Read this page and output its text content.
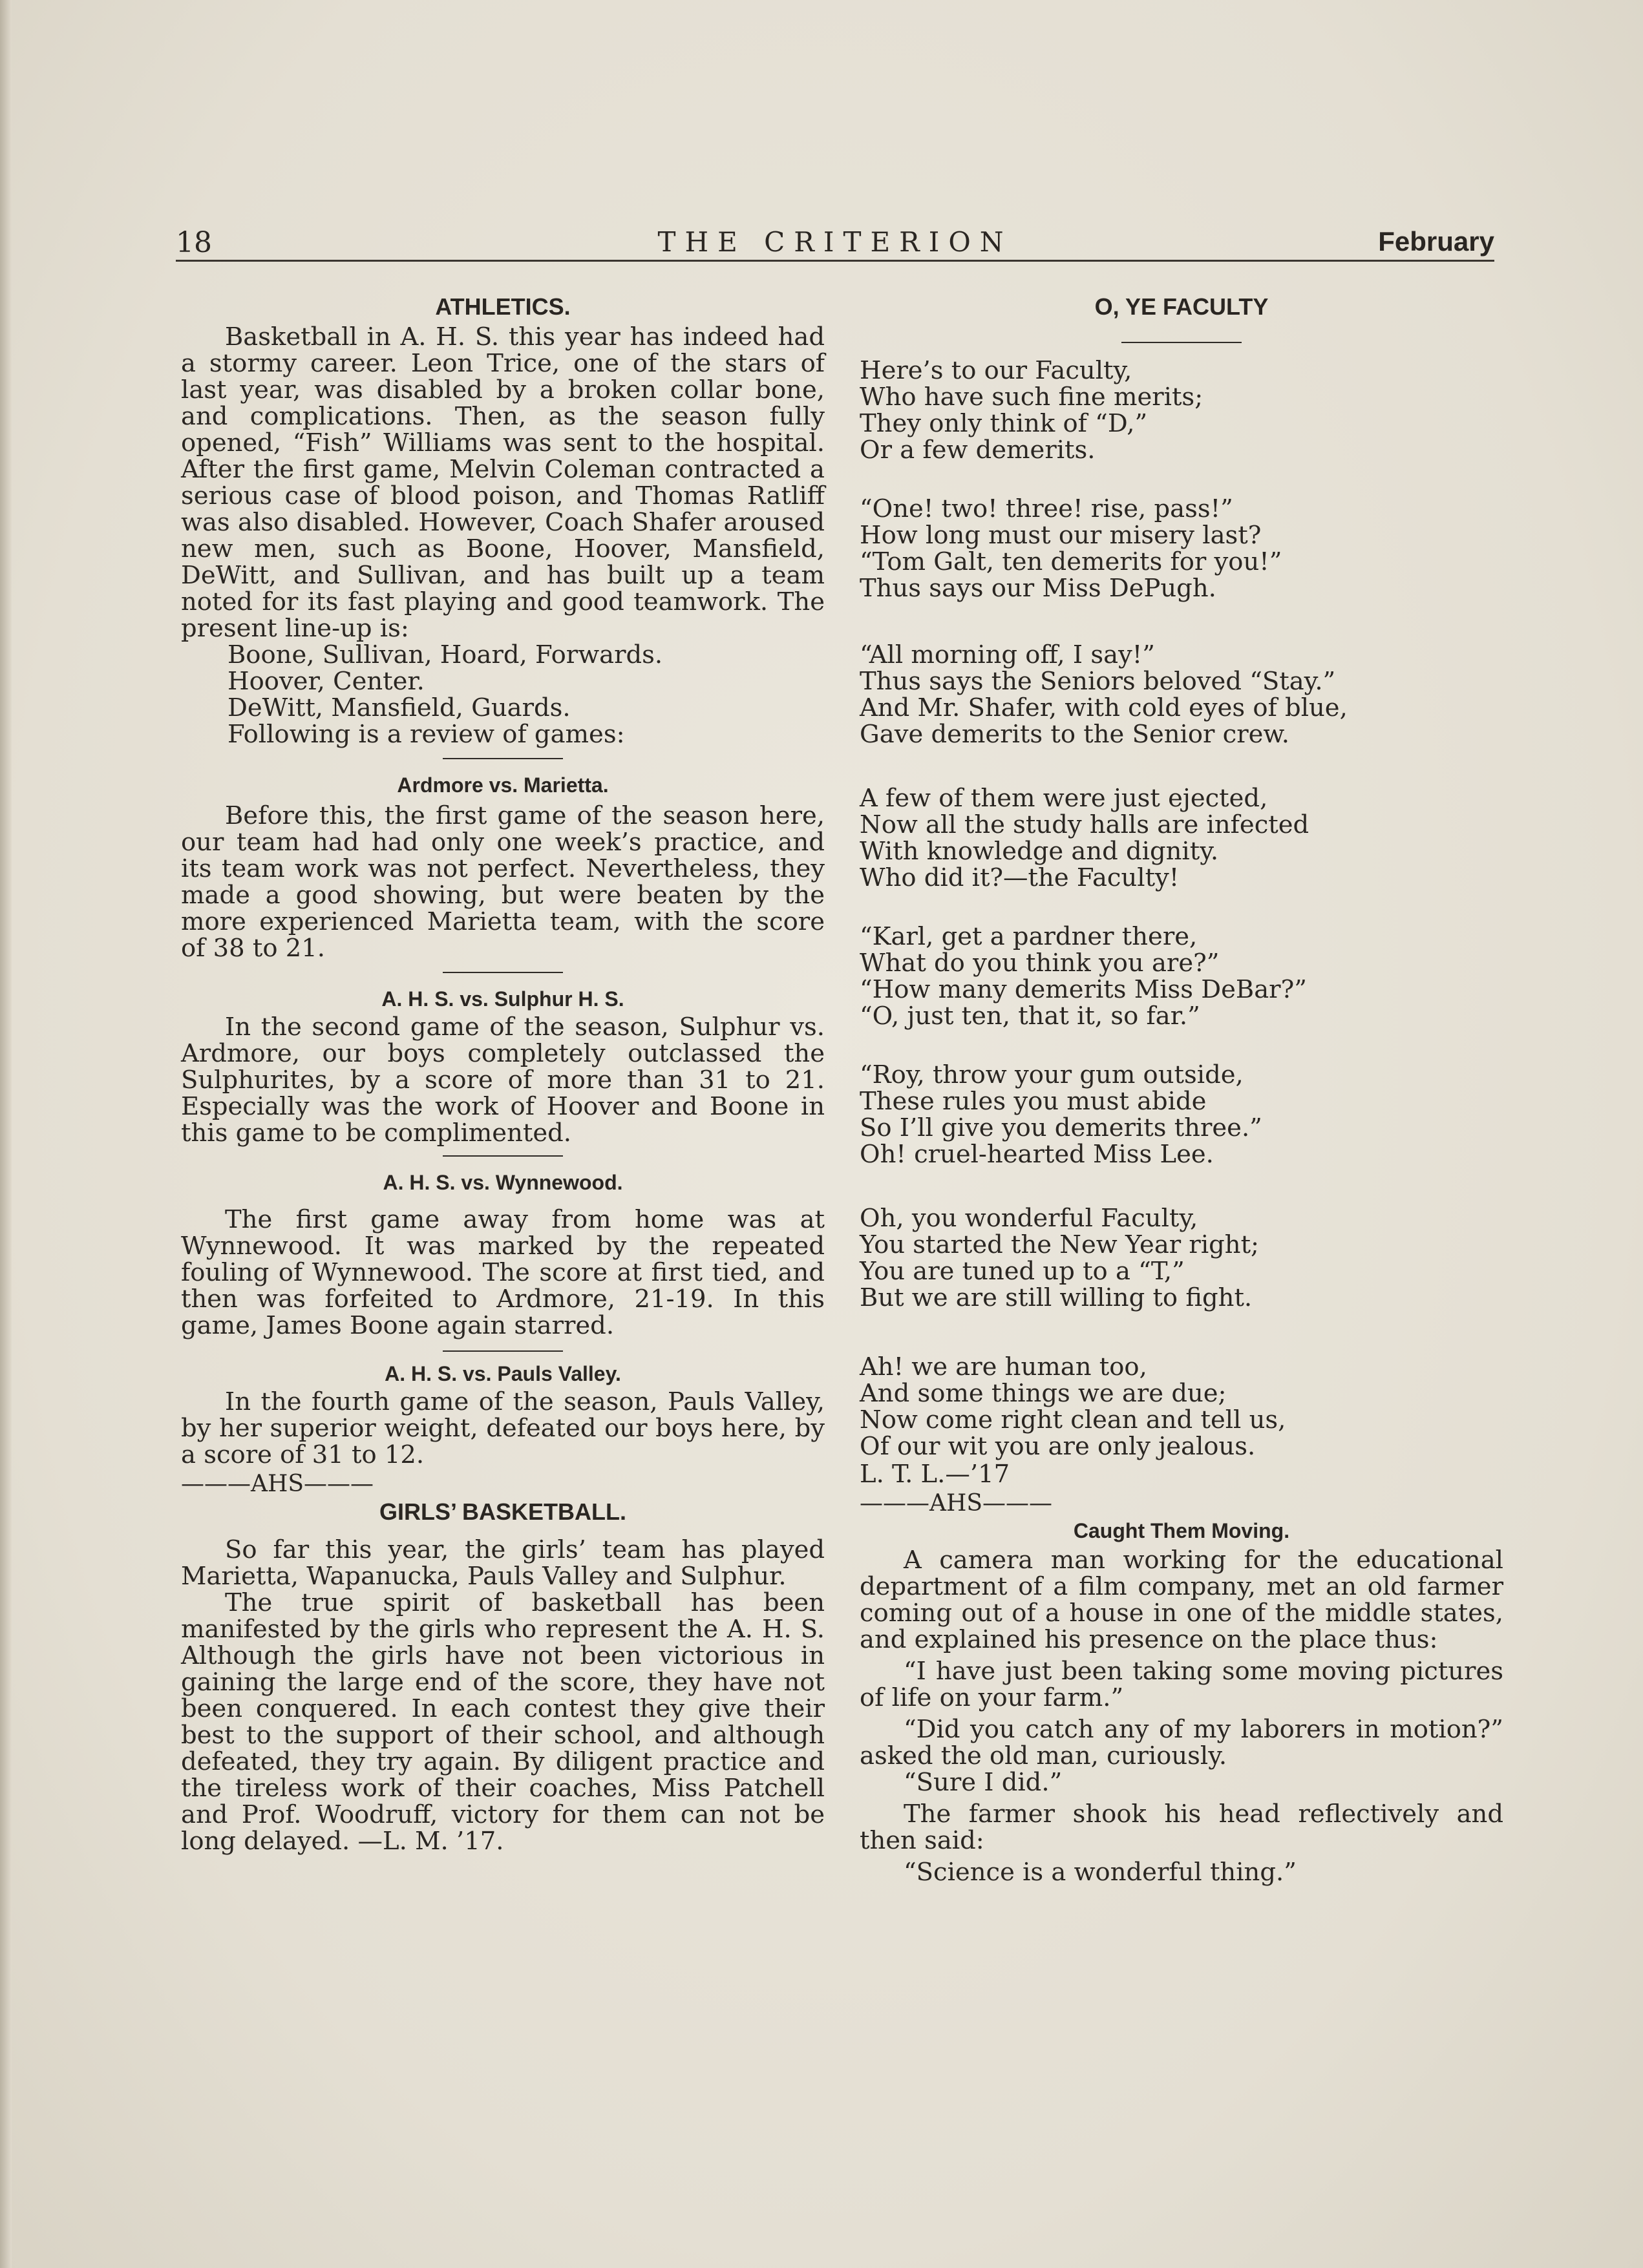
18	THE CRITERION	February
ATHLETICS.

Basketball in A. H. S. this year has indeed had a stormy career. Leon Trice, one of the stars of last year, was disabled by a broken collar bone, and complications. Then, as the season fully opened, “Fish” Williams was sent to the hospital. After the first game, Melvin Coleman contracted a serious case of blood poison, and Thomas Ratliff was also disabled. However, Coach Shafer aroused new men, such as Boone, Hoover, Mansfield, DeWitt, and Sullivan, and has built up a team noted for its fast playing and good teamwork. The present line-up is:

Boone, Sullivan, Hoard, Forwards.

Hoover, Center.

DeWitt, Mansfield, Guards.

Following is a review of games:

Ardmore vs. Marietta.

Before this, the first game of the season here, our team had had only one week’s practice, and its team work was not perfect. Nevertheless, they made a good showing, but were beaten by the more experienced Marietta team, with the score of 38 to 21.

A. H. S. vs. Sulphur H. S.

In the second game of the season, Sulphur vs. Ardmore, our boys completely outclassed the Sulphurites, by a score of more than 31 to 21. Especially was the work of Hoover and Boone in this game to be complimented.

A. H. S. vs. Wynnewood.

The first game away from home was at Wynnewood. It was marked by the repeated fouling of Wynnewood. The score at first tied, and then was forfeited to Ardmore, 21-19. In this game, James Boone again starred.

A. H. S. vs. Pauls Valley.

In the fourth game of the season, Pauls Valley, by her superior weight, defeated our boys here, by a score of 31 to 12.

———AHS———

GIRLS’ BASKETBALL.

So far this year, the girls’ team has played Marietta, Wapanucka, Pauls Valley and Sulphur.

The true spirit of basketball has been manifested by the girls who represent the A. H. S. Although the girls have not been victorious in gaining the large end of the score, they have not been conquered. In each contest they give their best to the support of their school, and although defeated, they try again. By diligent practice and the tireless work of their coaches, Miss Patchell and Prof. Woodruff, victory for them can not be long delayed. —L. M. ’17.

O, YE FACULTY

Here’s to our Faculty,

Who have such fine merits;

They only think of “D,”

Or a few demerits.

“One! two! three! rise, pass!”

How long must our misery last?

“Tom Galt, ten demerits for you!”

Thus says our Miss DePugh.

“All morning off, I say!”

Thus says the Seniors beloved “Stay.”

And Mr. Shafer, with cold eyes of blue,

Gave demerits to the Senior crew.

A few of them were just ejected,

Now all the study halls are infected

With knowledge and dignity.

Who did it?—the Faculty!

“Karl, get a pardner there,

What do you think you are?”

“How many demerits Miss DeBar?”

“O, just ten, that it, so far.”

“Roy, throw your gum outside,

These rules you must abide

So I’ll give you demerits three.”

Oh! cruel-hearted Miss Lee.

Oh, you wonderful Faculty,

You started the New Year right;

You are tuned up to a “T,”

But we are still willing to fight.

Ah! we are human too,

And some things we are due;

Now come right clean and tell us,

Of our wit you are only jealous.

L. T. L.—’17

———AHS———

Caught Them Moving.

A camera man working for the educational department of a film company, met an old farmer coming out of a house in one of the middle states, and explained his presence on the place thus:

“I have just been taking some moving pictures of life on your farm.”

“Did you catch any of my laborers in motion?” asked the old man, curiously.

“Sure I did.”

The farmer shook his head reflectively and then said:

“Science is a wonderful thing.”
